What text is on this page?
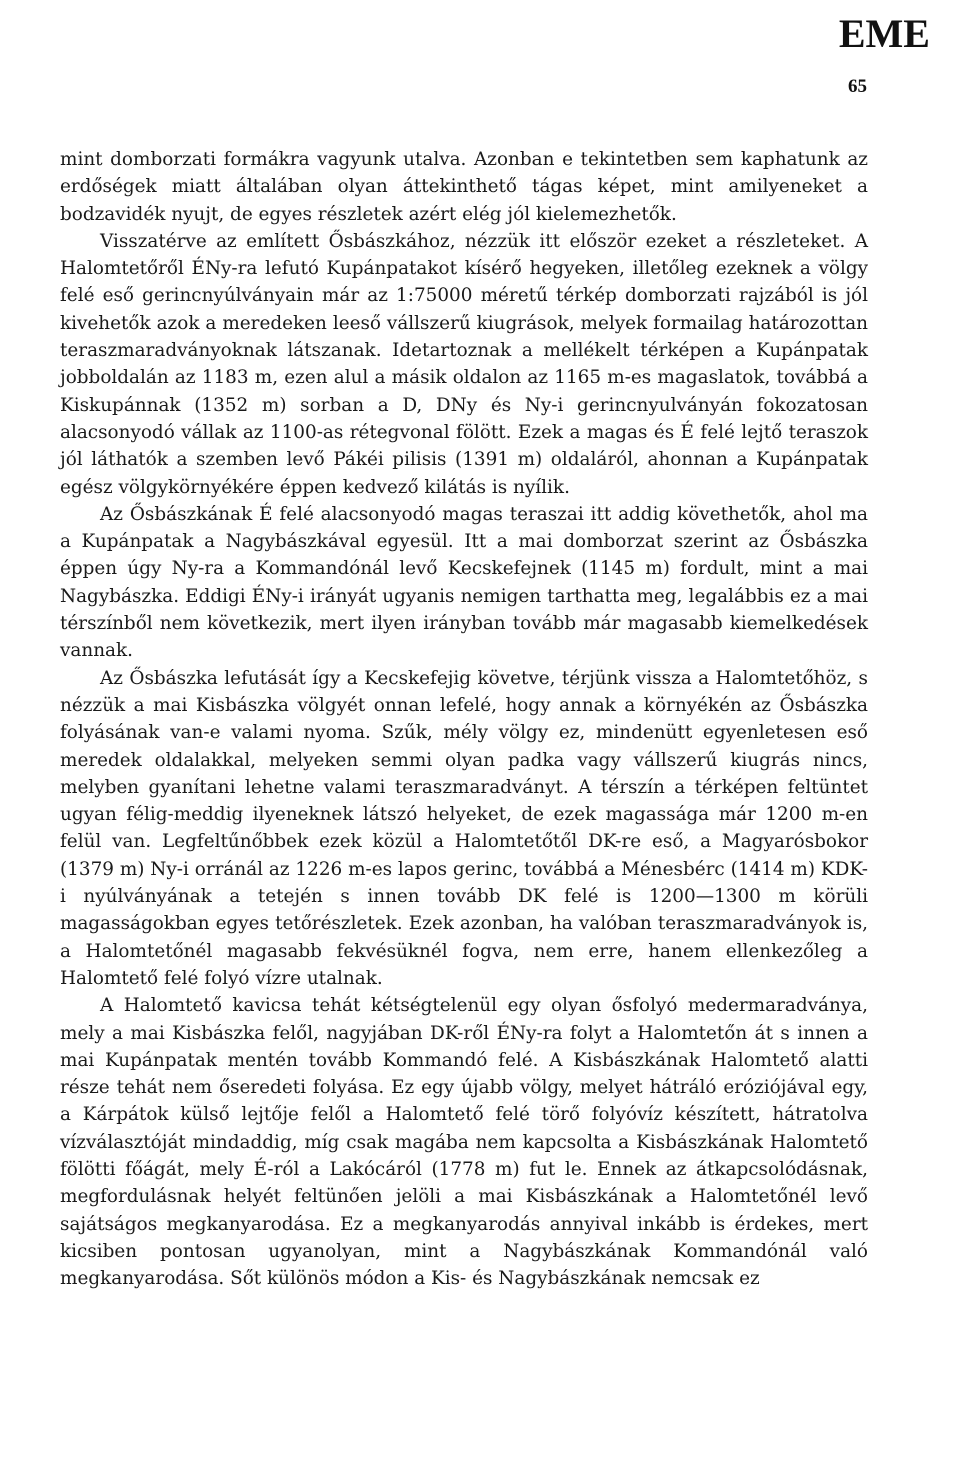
EME
65

mint domborzati formákra vagyunk utalva. Azonban e tekintetben sem kaphatunk az erdőségek miatt általában olyan áttekinthető tágas képet, mint amilyeneket a bodzavidék nyujt, de egyes részletek azért elég jól kielemezhetők.

Visszatérve az említett Ősbászkához, nézzük itt először ezeket a részleteket. A Halomtetőről ÉNy-ra lefutó Kupánpatakot kísérő hegyeken, illetőleg ezeknek a völgy felé eső gerincnyúlványain már az 1:75000 méretű térkép domborzati rajzából is jól kivehetők azok a meredeken leeső vállszerű kiugrások, melyek formailag határozottan teraszmaradványoknak látszanak. Idetartoznak a mellékelt térképen a Kupánpatak jobboldalán az 1183 m, ezen alul a másik oldalon az 1165 m-es magaslatok, továbbá a Kiskupánnak (1352 m) sorban a D, DNy és Ny-i gerincnyulványán fokozatosan alacsonyodó vállak az 1100-as rétegvonal fölött. Ezek a magas és É felé lejtő teraszok jól láthatók a szemben levő Pákéi pilisis (1391 m) oldaláról, ahonnan a Kupánpatak egész völgykörnyékére éppen kedvező kilátás is nyílik.

Az Ősbászkának É felé alacsonyodó magas teraszai itt addig követhetők, ahol ma a Kupánpatak a Nagybászkával egyesül. Itt a mai domborzat szerint az Ősbászka éppen úgy Ny-ra a Kommandónál levő Kecskefejnek (1145 m) fordult, mint a mai Nagybászka. Eddigi ÉNy-i irányát ugyanis nemigen tarthatta meg, legalábbis ez a mai térszínből nem következik, mert ilyen irányban tovább már magasabb kiemelkedések vannak.

Az Ősbászka lefutását így a Kecskefejig követve, térjünk vissza a Halomtetőhöz, s nézzük a mai Kisbászka völgyét onnan lefelé, hogy annak a környékén az Ősbászka folyásának van-e valami nyoma. Szűk, mély völgy ez, mindenütt egyenletesen eső meredek oldalakkal, melyeken semmi olyan padka vagy vállszerű kiugrás nincs, melyben gyanítani lehetne valami teraszmaradványt. A térszín a térképen feltüntet ugyan félig-meddig ilyeneknek látszó helyeket, de ezek magassága már 1200 m-en felül van. Legfeltűnőbbek ezek közül a Halomtetőtől DK-re eső, a Magyarósbokor (1379 m) Ny-i orránál az 1226 m-es lapos gerinc, továbbá a Ménesbérc (1414 m) KDK-i nyúlványának a tetején s innen tovább DK felé is 1200—1300 m körüli magasságokban egyes tetőrészletek. Ezek azonban, ha valóban teraszmaradványok is, a Halomtetőnél magasabb fekvésüknél fogva, nem erre, hanem ellenkezőleg a Halomtető felé folyó vízre utalnak.

A Halomtető kavicsa tehát kétségtelenül egy olyan ősfolyó medermaradványa, mely a mai Kisbászka felől, nagyjában DK-ről ÉNy-ra folyt a Halomtetőn át s innen a mai Kupánpatak mentén tovább Kommandó felé. A Kisbászkának Halomtető alatti része tehát nem őseredeti folyása. Ez egy újabb völgy, melyet hátráló eróziójával egy, a Kárpátok külső lejtője felől a Halomtető felé törő folyóvíz készített, hátratolva vízválasztóját mindaddig, míg csak magába nem kapcsolta a Kisbászkának Halomtető fölötti főágát, mely É-ról a Lakócáról (1778 m) fut le. Ennek az átkapcsolódásnak, megfordulásnak helyét feltünően jelöli a mai Kisbászkának a Halomtetőnél levő sajátságos megkanyarodása. Ez a megkanyarodás annyival inkább is érdekes, mert kicsiben pontosan ugyanolyan, mint a Nagybászkának Kommandónál való megkanyarodása. Sőt különös módon a Kis- és Nagybászkának nemcsak ez
